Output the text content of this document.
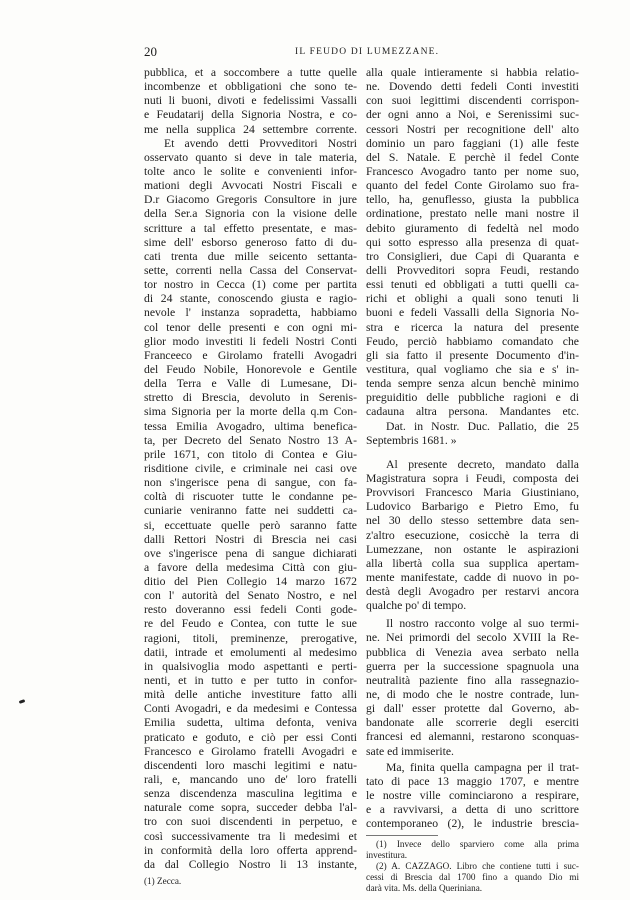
20	IL FEUDO DI LUMEZZANE.
pubblica, et a soccombere a tutte quelle
incombenze et obbligationi che sono te-
nuti li buoni, divoti e fedelissimi Vassalli
e Feudatarij della Signoria Nostra, e co-
me nella supplica 24 settembre corrente.
Et avendo detti Provveditori Nostri
osservato quanto si deve in tale materia,
tolte anco le solite e convenienti infor-
mationi degli Avvocati Nostri Fiscali e
D.r Giacomo Gregoris Consultore in jure
della Ser.a Signoria con la visione delle
scritture a tal effetto presentate, e mas-
sime dell' esborso generoso fatto di du-
cati trenta due mille seicento settanta-
sette, correnti nella Cassa del Conservat-
tor nostro in Cecca (1) come per partita
di 24 stante, conoscendo giusta e ragio-
nevole l' instanza sopradetta, habbiamo
col tenor delle presenti e con ogni mi-
glior modo investiti li fedeli Nostri Conti
Franceeco e Girolamo fratelli Avogadri
del Feudo Nobile, Honorevole e Gentile
della Terra e Valle di Lumesane, Di-
stretto di Brescia, devoluto in Serenis-
sima Signoria per la morte della q.m Con-
tessa Emilia Avogadro, ultima benefica-
ta, per Decreto del Senato Nostro 13 A-
prile 1671, con titolo di Contea e Giu-
risditione civile, e criminale nei casi ove
non s'ingerisce pena di sangue, con fa-
coltà di riscuoter tutte le condanne pe-
cuniarie veniranno fatte nei suddetti ca-
si, eccettuate quelle però saranno fatte
dalli Rettori Nostri di Brescia nei casi
ove s'ingerisce pena di sangue dichiarati
a favore della medesima Città con giu-
ditio del Pien Collegio 14 marzo 1672
con l' autorità del Senato Nostro, e nel
resto doveranno essi fedeli Conti gode-
re del Feudo e Contea, con tutte le sue
ragioni, titoli, preminenze, prerogative,
datii, intrade et emolumenti al medesimo
in qualsivoglia modo aspettanti e perti-
nenti, et in tutto e per tutto in confor-
mità delle antiche investiture fatto alli
Conti Avogadri, e da medesimi e Contessa
Emilia sudetta, ultima defonta, veniva
praticato e goduto, e ciò per essi Conti
Francesco e Girolamo fratelli Avogadri e
discendenti loro maschi legitimi e natu-
rali, e, mancando uno de' loro fratelli
senza discendenza masculina legitima e
naturale come sopra, succeder debba l'al-
tro con suoi discendenti in perpetuo, e
così successivamente tra li medesimi et
in conformità della loro offerta apprend-
da dal Collegio Nostro li 13 instante,
(1) Zecca.
alla quale intieramente si habbia relatio-
ne. Dovendo detti fedeli Conti investiti
con suoi legittimi discendenti corrispon-
der ogni anno a Noi, e Serenissimi suc-
cessori Nostri per recognitione dell' alto
dominio un paro faggiani (1) alle feste
del S. Natale. E perchè il fedel Conte
Francesco Avogadro tanto per nome suo,
quanto del fedel Conte Girolamo suo fra-
tello, ha, genuflesso, giusta la pubblica
ordinatione, prestato nelle mani nostre il
debito giuramento di fedeltà nel modo
qui sotto espresso alla presenza di quat-
tro Consiglieri, due Capi di Quaranta e
delli Provveditori sopra Feudi, restando
essi tenuti ed obbligati a tutti quelli ca-
richi et oblighi a quali sono tenuti li
buoni e fedeli Vassalli della Signoria No-
stra e ricerca la natura del presente
Feudo, perciò habbiamo comandato che
gli sia fatto il presente Documento d'in-
vestitura, qual vogliamo che sia e s' in-
tenda sempre senza alcun benchè minimo
preguiditio delle pubbliche ragioni e di
cadauna altra persona. Mandantes etc.
Dat. in Nostr. Duc. Pallatio, die 25
Septembris 1681. »
Al presente decreto, mandato dalla
Magistratura sopra i Feudi, composta dei
Provvisori Francesco Maria Giustiniano,
Ludovico Barbarigo e Pietro Emo, fu
nel 30 dello stesso settembre data sen-
z'altro esecuzione, cosicchè la terra di
Lumezzane, non ostante le aspirazioni
alla libertà colla sua supplica apertam-
mente manifestate, cadde di nuovo in po-
destà degli Avogadro per restarvi ancora
qualche po' di tempo.
Il nostro racconto volge al suo termi-
ne. Nei primordi del secolo XVIII la Re-
pubblica di Venezia avea serbato nella
guerra per la successione spagnuola una
neutralità paziente fino alla rassegnazio-
ne, di modo che le nostre contrade, lun-
gi dall' esser protette dal Governo, ab-
bandonate alle scorrerie degli eserciti
francesi ed alemanni, restarono sconquas-
sate ed immiserite.
Ma, finita quella campagna per il trat-
tato di pace 13 maggio 1707, e mentre
le nostre ville cominciarono a respirare,
e a ravvivarsi, a detta di uno scrittore
contemporaneo (2), le industrie brescia-
(1) Invece dello sparviero come alla prima
investitura.
(2) A. CAZZAGO. Libro che contiene tutti i suc-
cessi di Brescia dal 1700 fino a quando Dio mi
darà vita. Ms. della Queriniana.
